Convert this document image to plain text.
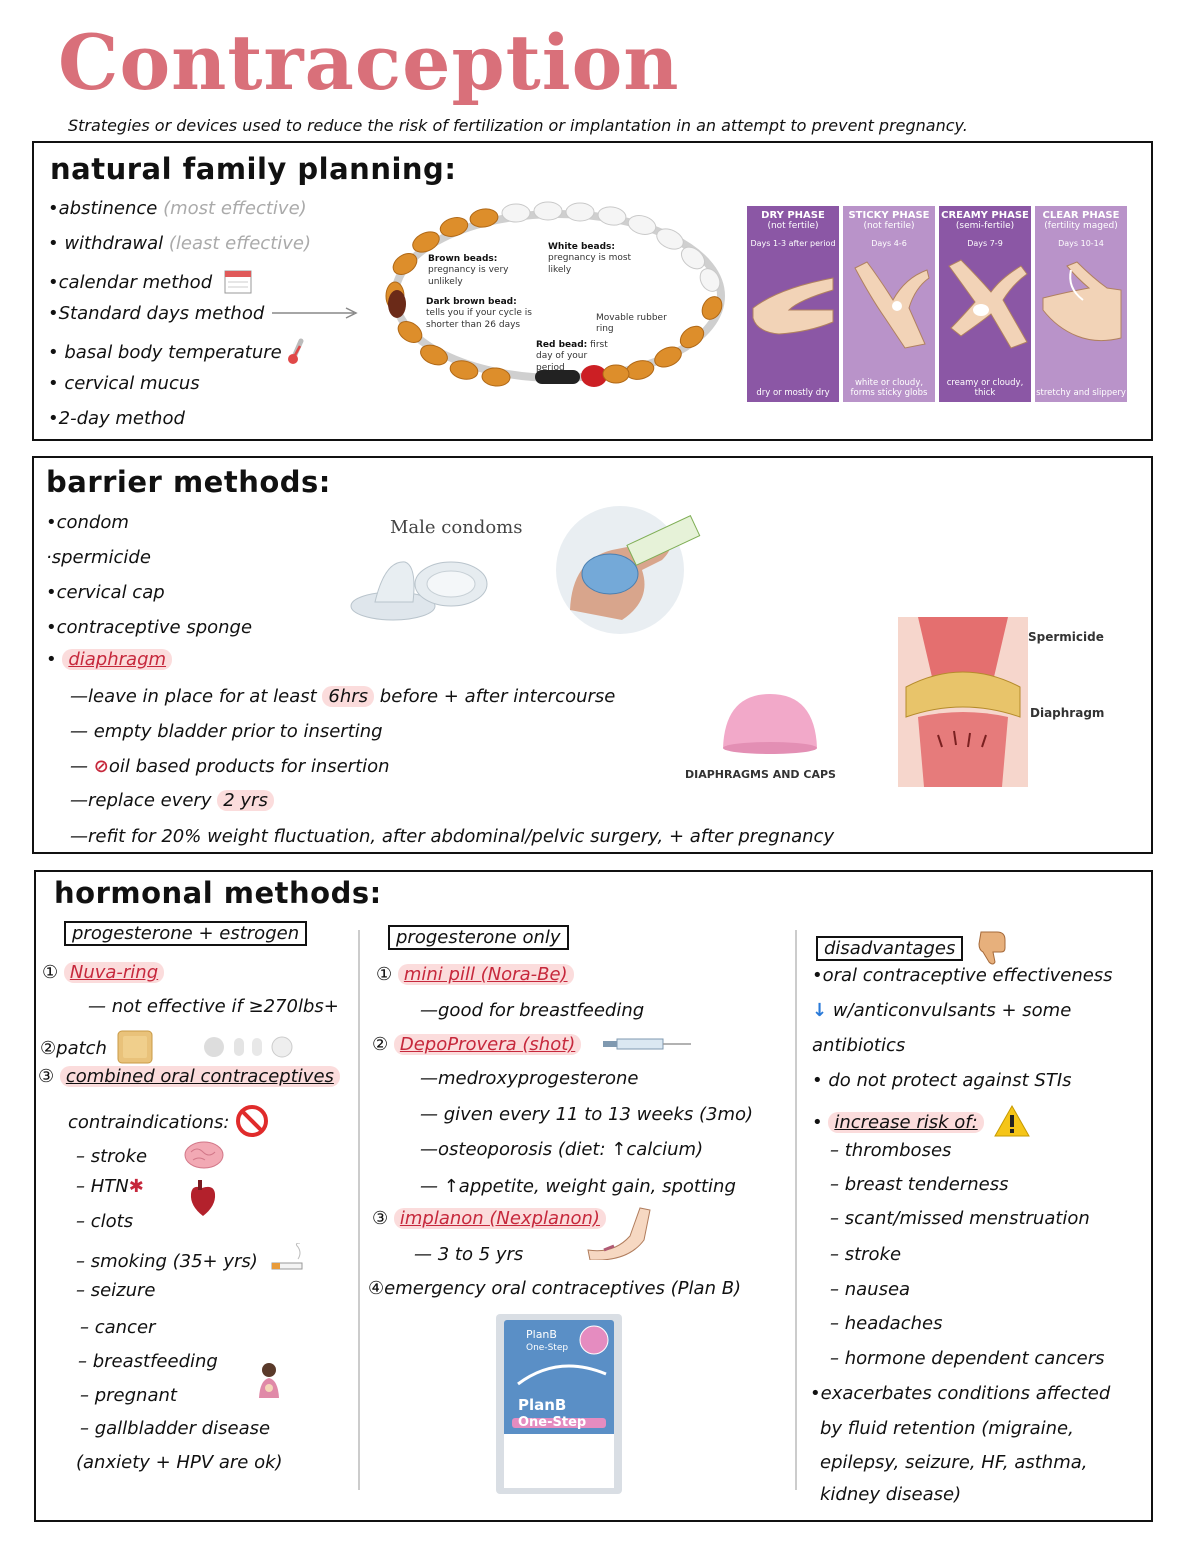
Contraception
Strategies or devices used to reduce the risk of fertilization or implantation in an attempt to prevent pregnancy.
natural family planning:
•abstinence (most effective)
• withdrawal (least effective)
•calendar method
•Standard days method
• basal body temperature
• cervical mucus
•2-day method
Brown beads: pregnancy is very unlikely
White beads: pregnancy is most likely
Dark brown bead: tells you if your cycle is shorter than 26 days
Movable rubber ring
Red bead: first day of your period
DRY PHASE
(not fertile)
Days 1-3 after period
dry or mostly dry
STICKY PHASE
(not fertile)
Days 4-6
white or cloudy, forms sticky globs
CREAMY PHASE
(semi-fertile)
Days 7-9
creamy or cloudy, thick
CLEAR PHASE
(fertility maged)
Days 10-14
stretchy and slippery
barrier methods:
•condom
·spermicide
•cervical cap
•contraceptive sponge
• diaphragm
—leave in place for at least 6hrs before + after intercourse
— empty bladder prior to inserting
— ⊘oil based products for insertion
—replace every 2 yrs
—refit for 20% weight fluctuation, after abdominal/pelvic surgery, + after pregnancy
Male condoms
DIAPHRAGMS AND CAPS
Spermicide
Diaphragm
hormonal methods:
progesterone + estrogen
① Nuva-ring
— not effective if ≥270lbs+
②patch
③ combined oral contraceptives
contraindications:
– stroke
– HTN✱
– clots
– smoking (35+ yrs)
– seizure
– cancer
– breastfeeding
– pregnant
– gallbladder disease
(anxiety + HPV are ok)
progesterone only
① mini pill (Nora-Be)
—good for breastfeeding
② DepoProvera (shot)
—medroxyprogesterone
— given every 11 to 13 weeks (3mo)
—osteoporosis (diet: ↑calcium)
— ↑appetite, weight gain, spotting
③ implanon (Nexplanon)
— 3 to 5 yrs
④emergency oral contraceptives (Plan B)
PlanB
One-Step
PlanB
One-Step
disadvantages
•oral contraceptive effectiveness
↓ w/anticonvulsants + some
antibiotics
• do not protect against STIs
• increase risk of:
– thromboses
– breast tenderness
– scant/missed menstruation
– stroke
– nausea
– headaches
– hormone dependent cancers
•exacerbates conditions affected
by fluid retention (migraine,
epilepsy, seizure, HF, asthma,
kidney disease)
